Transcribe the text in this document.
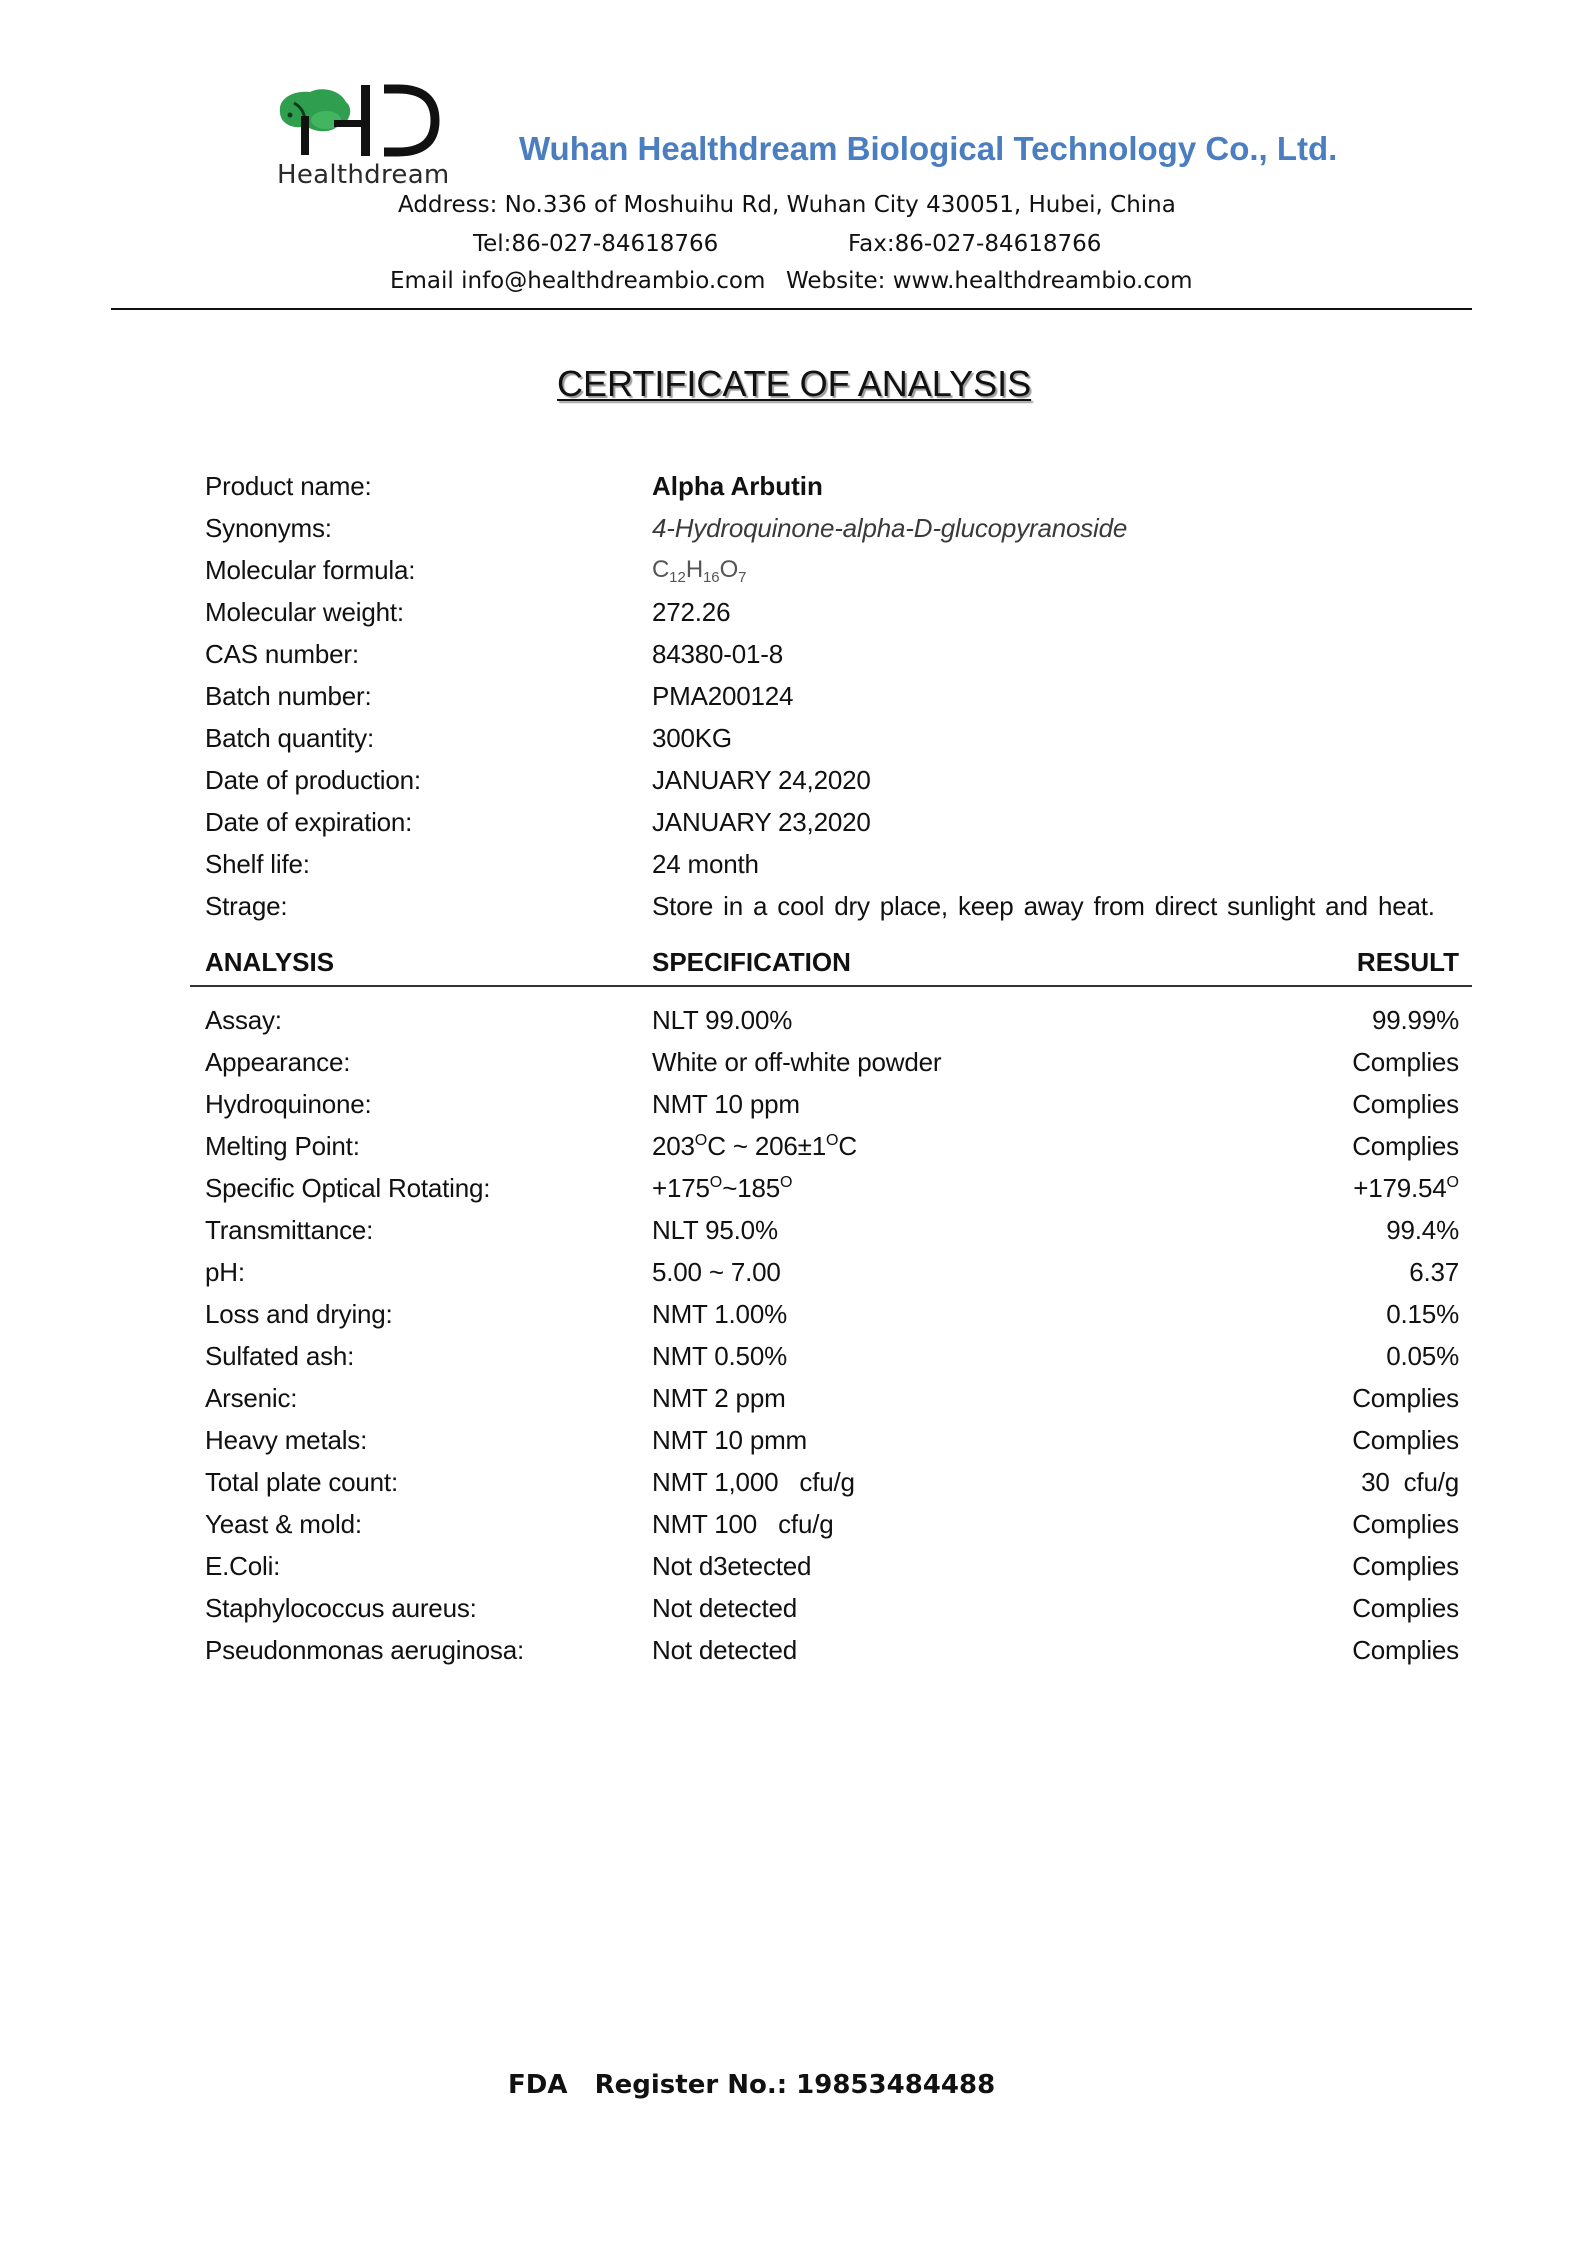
Healthdream
Wuhan Healthdream Biological Technology Co., Ltd.
Address: No.336 of Moshuihu Rd, Wuhan City 430051, Hubei, China
Tel:86-027-84618766	Fax:86-027-84618766
Email info@healthdreambio.com Website: www.healthdreambio.com
CERTIFICATE OF ANALYSIS
Product name:	Alpha Arbutin
Synonyms:	4-Hydroquinone-alpha-D-glucopyranoside
Molecular formula:	$C_{12}H_{16}O_7$
Molecular weight:	272.26
CAS number:	84380-01-8
Batch number:	PMA200124
Batch quantity:	300KG
Date of production:	JANUARY 24,2020
Date of expiration:	JANUARY 23,2020
Shelf life:	24 month
Strage:	Store in a cool dry place, keep away from direct sunlight and heat.
ANALYSIS	SPECIFICATION	RESULT
Assay:	NLT 99.00%	99.99%
Appearance:	White or off-white powder	Complies
Hydroquinone:	NMT 10 ppm	Complies
Melting Point:	$203^OC$ ~ $206\pm 1^OC$	Complies
Specific Optical Rotating:	$+175^O\sim 185^O$	$+179.54^O$
Transmittance:	NLT 95.0%	99.4%
pH:	5.00 ~ 7.00	6.37
Loss and drying:	NMT 1.00%	0.15%
Sulfated ash:	NMT 0.50%	0.05%
Arsenic:	NMT 2 ppm	Complies
Heavy metals:	NMT 10 pmm	Complies
Total plate count:	NMT 1,000   cfu/g	30  cfu/g
Yeast & mold:	NMT 100   cfu/g	Complies
E.Coli:	Not d3etected	Complies
Staphylococcus aureus:	Not detected	Complies
Pseudonmonas aeruginosa:	Not detected	Complies
FDA   Register No.: 19853484488
